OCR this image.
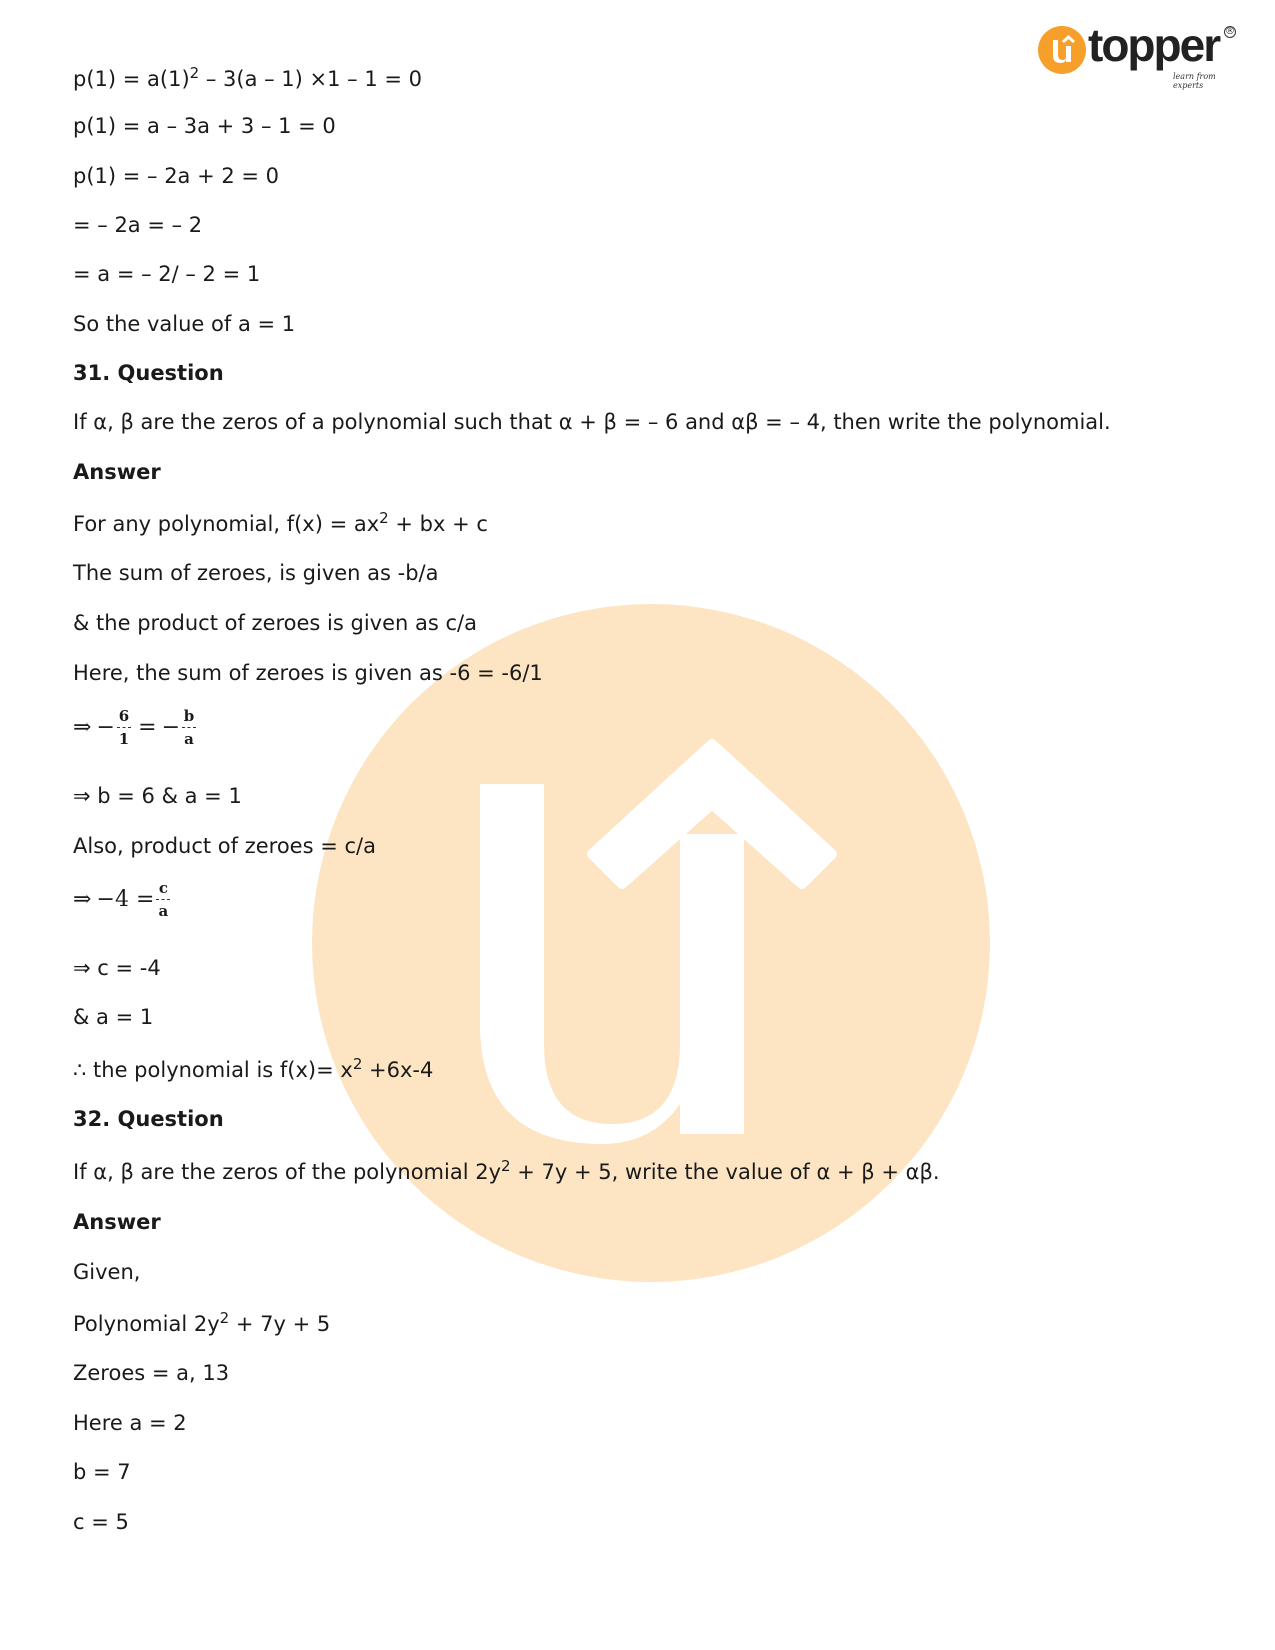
topper
learn from experts
®
$p(1) = a(1)^2 - 3(a - 1) \times 1 - 1 = 0$
p(1) = a – 3a + 3 – 1 = 0
p(1) = – 2a + 2 = 0
= – 2a = – 2
= a = – 2/ – 2 = 1
So the value of a = 1
31. Question
If α, β are the zeros of a polynomial such that α + β = – 6 and αβ = – 4, then write the polynomial.
Answer
For any polynomial, $f(x) = ax^2$ + bx + c
The sum of zeroes, is given as -b/a
& the product of zeroes is given as c/a
Here, the sum of zeroes is given as -6 = -6/1
⇒ − $\frac{6}{1}$ = − $\frac{b}{a}$
⇒ b = 6 & a = 1
Also, product of zeroes = c/a
⇒ $-4 = \frac{c}{a}$
⇒ c = -4
& a = 1
∴ the polynomial is $f(x)= x^2 +6x-4$
32. Question
If α, β are the zeros of the polynomial $2y^2 + 7y + 5$, write the value of α + β + αβ.
Answer
Given,
Polynomial $2y^2 + 7y + 5$
Zeroes = a, 13
Here a = 2
b = 7
c = 5
